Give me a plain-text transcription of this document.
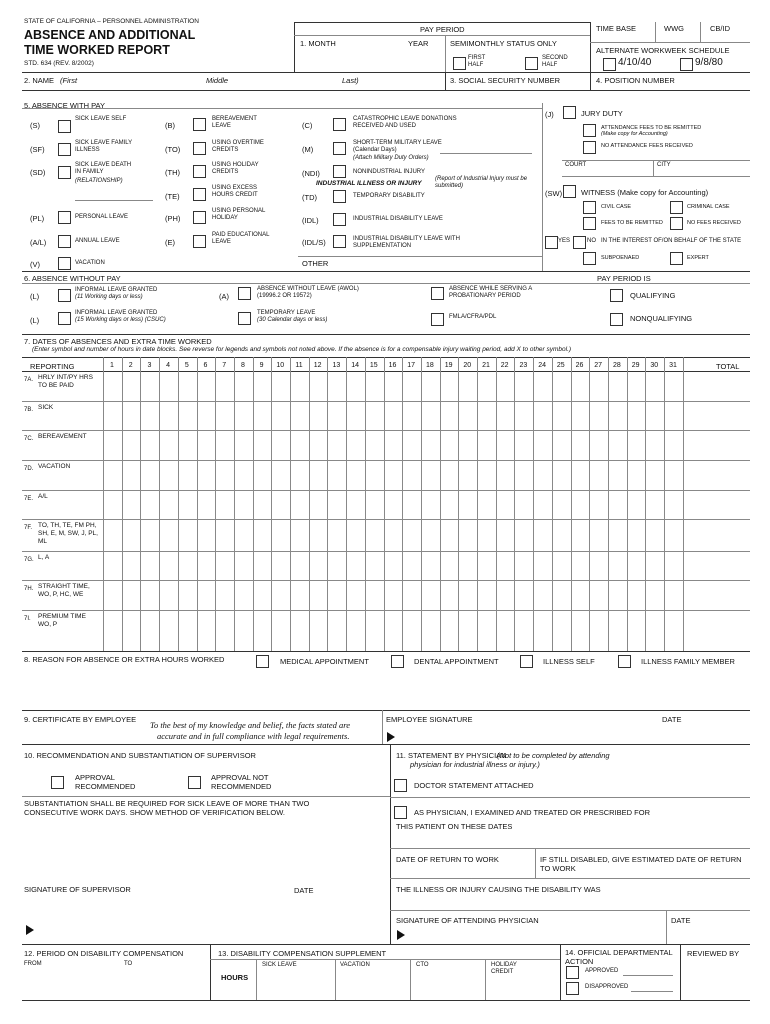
STATE OF CALIFORNIA – PERSONNEL ADMINISTRATION
ABSENCE AND ADDITIONAL
TIME WORKED REPORT
STD. 634 (REV. 8/2002)
PAY PERIOD
1. MONTH	YEAR	SEMIMONTHLY STATUS ONLY
FIRST HALF
SECOND HALF
TIME BASE	WWG	CB/ID
ALTERNATE WORKWEEK SCHEDULE
4/10/40	9/8/80
2. NAME (First	Middle	Last)	3. SOCIAL SECURITY NUMBER	4. POSITION NUMBER
5. ABSENCE WITH PAY
(S)
SICK LEAVE SELF
(SF)
SICK LEAVE FAMILY ILLNESS
(SD)
SICK LEAVE DEATH IN FAMILY
(RELATIONSHIP)
(PL)	PERSONAL LEAVE
(A/L)	ANNUAL LEAVE
(V)	VACATION
(B)
BEREAVEMENT LEAVE
(TO)
USING OVERTIME CREDITS
(TH)
USING HOLIDAY CREDITS
(TE)
USING EXCESS HOURS CREDIT
(PH)
USING PERSONAL HOLIDAY
(E)
PAID EDUCATIONAL LEAVE
(C)
CATASTROPHIC LEAVE DONATIONS RECEIVED AND USED
(M)
SHORT-TERM MILITARY LEAVE (Calendar Days)
(Attach Military Duty Orders)
(NDI)	NONINDUSTRIAL INJURY
INDUSTRIAL ILLNESS OR INJURY
(Report of Industrial Injury must be submitted)
(TD)	TEMPORARY DISABILITY
(IDL)	INDUSTRIAL DISABILITY LEAVE
(IDL/S)	INDUSTRIAL DISABILITY LEAVE WITH SUPPLEMENTATION
OTHER
(J)	JURY DUTY
ATTENDANCE FEES TO BE REMITTED
(Make copy for Accounting)
NO ATTENDANCE FEES RECEIVED
COURT	CITY
(SW)	WITNESS (Make copy for Accounting)
CIVIL CASE	CRIMINAL CASE
FEES TO BE REMITTED	NO FEES RECEIVED
YES	NO IN THE INTEREST OF/ON BEHALF OF THE STATE
SUBPOENAED	EXPERT
6. ABSENCE WITHOUT PAY	PAY PERIOD IS
(L)
INFORMAL LEAVE GRANTED
(11 Working days or less)
(L)
INFORMAL LEAVE GRANTED
(15 Working days or less) (CSUC)
(A)
ABSENCE WITHOUT LEAVE (AWOL) (19996.2 OR 19572)
TEMPORARY LEAVE
(30 Calendar days or less)
ABSENCE WHILE SERVING A PROBATIONARY PERIOD
FMLA/CFRA/PDL
QUALIFYING
NONQUALIFYING
7. DATES OF ABSENCES AND EXTRA TIME WORKED
(Enter symbol and number of hours in date blocks. See reverse for legends and symbols not noted above. If the absence is for a compensable injury waiting period, add X to other symbol.)
REPORTING	TOTAL
1	2	3	4	5	6	7	8	9	10	11	12	13	14	15	16	17	18	19	20	21	22	23	24	25	26	27	28	29	30	31
7A. HRLY INT/PY HRS TO BE PAID
7B. SICK
7C. BEREAVEMENT
7D. VACATION
7E. A/L
7F. TO, TH, TE, FM PH, SH, E, M, SW, J, PL, ML
7G. L, A
7H. STRAIGHT TIME, WO, P, HC, WE
7I. PREMIUM TIME WO, P
8. REASON FOR ABSENCE OR EXTRA HOURS WORKED	MEDICAL APPOINTMENT	DENTAL APPOINTMENT	ILLNESS SELF	ILLNESS FAMILY MEMBER
9. CERTIFICATE BY EMPLOYEE
To the best of my knowledge and belief, the facts stated are
accurate and in full compliance with legal requirements.
EMPLOYEE SIGNATURE	DATE
10. RECOMMENDATION AND SUBSTANTIATION OF SUPERVISOR
APPROVAL RECOMMENDED
APPROVAL NOT RECOMMENDED
SUBSTANTIATION SHALL BE REQUIRED FOR SICK LEAVE OF MORE THAN TWO CONSECUTIVE WORK DAYS. SHOW METHOD OF VERIFICATION BELOW.
SIGNATURE OF SUPERVISOR	DATE
11. STATEMENT BY PHYSICIAN
(Not to be completed by attending physician for industrial illness or injury.)
DOCTOR STATEMENT ATTACHED
AS PHYSICIAN, I EXAMINED AND TREATED OR PRESCRIBED FOR
THIS PATIENT ON THESE DATES
DATE OF RETURN TO WORK	IF STILL DISABLED, GIVE ESTIMATED DATE OF RETURN TO WORK
THE ILLNESS OR INJURY CAUSING THE DISABILITY WAS
SIGNATURE OF ATTENDING PHYSICIAN	DATE
12. PERIOD ON DISABILITY COMPENSATION
FROM	TO
13. DISABILITY COMPENSATION SUPPLEMENT
HOURS
SICK LEAVE	VACATION	CTO	HOLIDAY CREDIT
14. OFFICIAL DEPARTMENTAL ACTION
APPROVED
DISAPPROVED
REVIEWED BY
